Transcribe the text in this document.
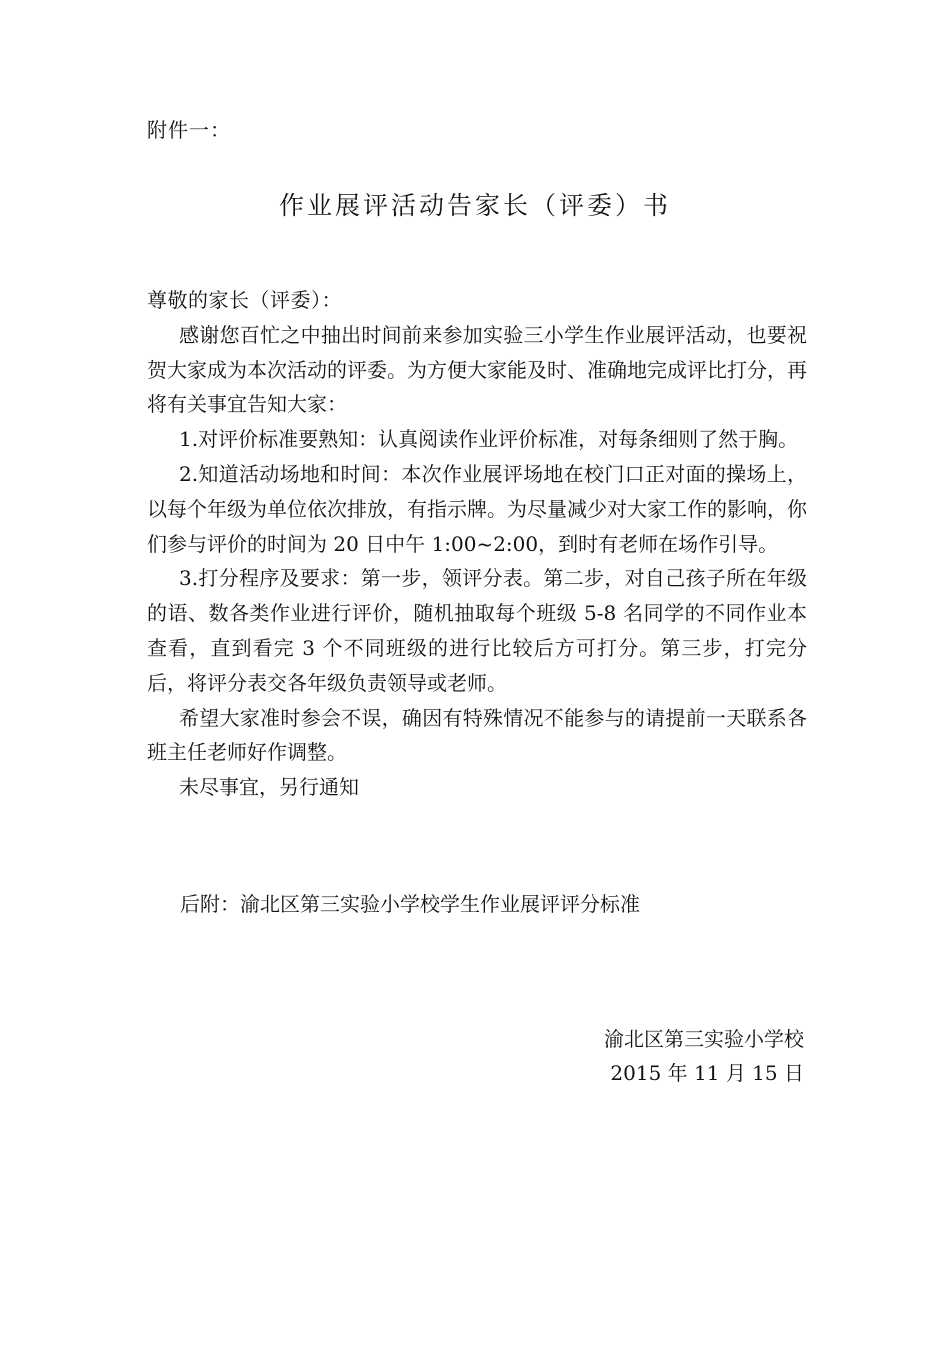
附件一：
作业展评活动告家长（评委）书

尊敬的家长（评委）：

感谢您百忙之中抽出时间前来参加实验三小学生作业展评活动，也要祝贺大家成为本次活动的评委。为方便大家能及时、准确地完成评比打分，再将有关事宜告知大家：

1.对评价标准要熟知：认真阅读作业评价标准，对每条细则了然于胸。

2.知道活动场地和时间：本次作业展评场地在校门口正对面的操场上，以每个年级为单位依次排放，有指示牌。为尽量减少对大家工作的影响，你们参与评价的时间为 20 日中午 1:00~2:00，到时有老师在场作引导。

3.打分程序及要求：第一步，领评分表。第二步，对自己孩子所在年级的语、数各类作业进行评价，随机抽取每个班级 5-8 名同学的不同作业本查看，直到看完 3 个不同班级的进行比较后方可打分。第三步，打完分后，将评分表交各年级负责领导或老师。

希望大家准时参会不误，确因有特殊情况不能参与的请提前一天联系各班主任老师好作调整。

未尽事宜，另行通知

后附：渝北区第三实验小学校学生作业展评评分标准
渝北区第三实验小学校
2015 年 11 月 15 日
